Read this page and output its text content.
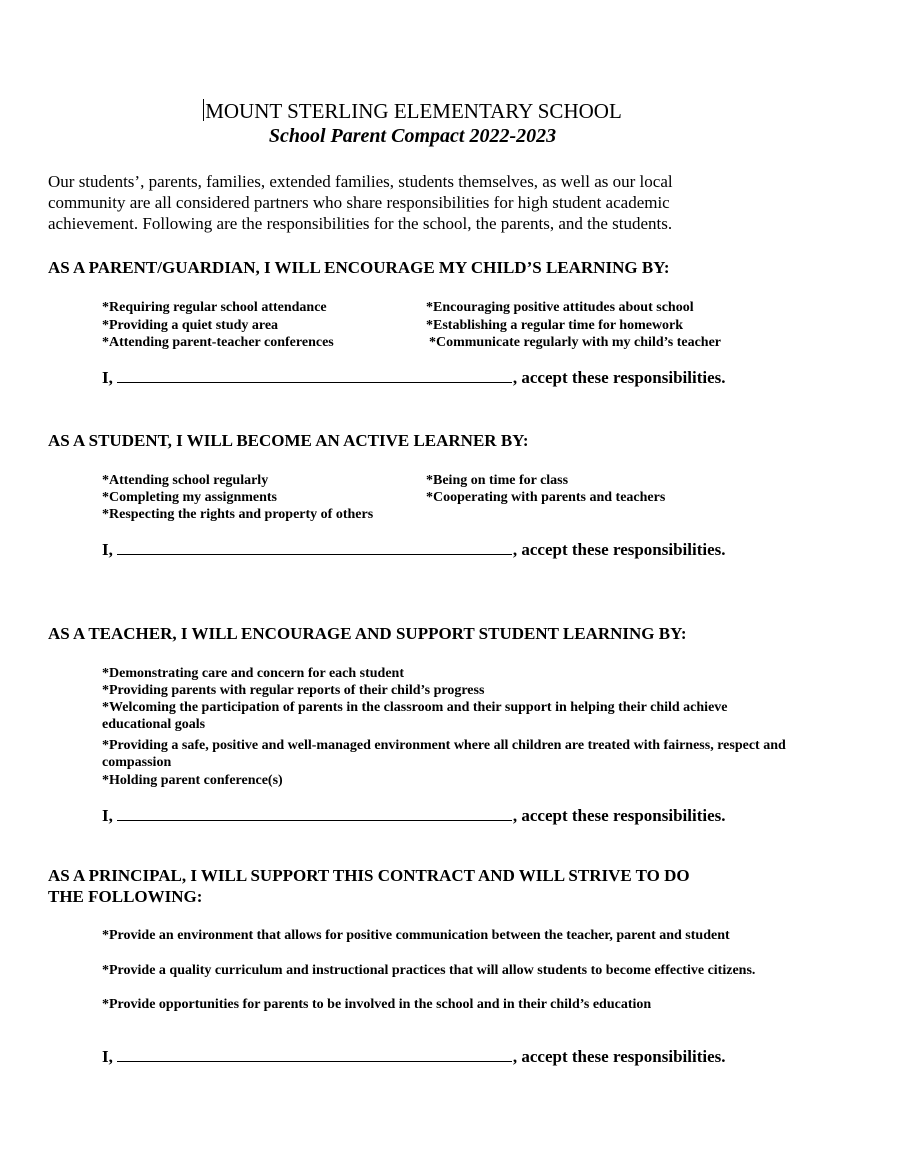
MOUNT STERLING ELEMENTARY SCHOOL
School Parent Compact 2022-2023
Our students’, parents, families, extended families, students themselves, as well as our local community are all considered partners who share responsibilities for high student academic achievement. Following are the responsibilities for the school, the parents, and the students.
AS A PARENT/GUARDIAN, I WILL ENCOURAGE MY CHILD’S LEARNING BY:
*Requiring regular school attendance	*Encouraging positive attitudes about school
*Providing a quiet study area	*Establishing a regular time for homework
*Attending parent-teacher conferences	*Communicate regularly with my child’s teacher
I,	, accept these responsibilities.
AS A STUDENT, I WILL BECOME AN ACTIVE LEARNER BY:
*Attending school regularly	*Being on time for class
*Completing my assignments	*Cooperating with parents and teachers
*Respecting the rights and property of others
I,	, accept these responsibilities.
AS A TEACHER, I WILL ENCOURAGE AND SUPPORT STUDENT LEARNING BY:
*Demonstrating care and concern for each student
*Providing parents with regular reports of their child’s progress
*Welcoming the participation of parents in the classroom and their support in helping their child achieve educational goals
*Providing a safe, positive and well-managed environment where all children are treated with fairness, respect and compassion
*Holding parent conference(s)
I,	, accept these responsibilities.
AS A PRINCIPAL, I WILL SUPPORT THIS CONTRACT AND WILL STRIVE TO DO
THE FOLLOWING:
*Provide an environment that allows for positive communication between the teacher, parent and student
*Provide a quality curriculum and instructional practices that will allow students to become effective citizens.
*Provide opportunities for parents to be involved in the school and in their child’s education
I,	, accept these responsibilities.
